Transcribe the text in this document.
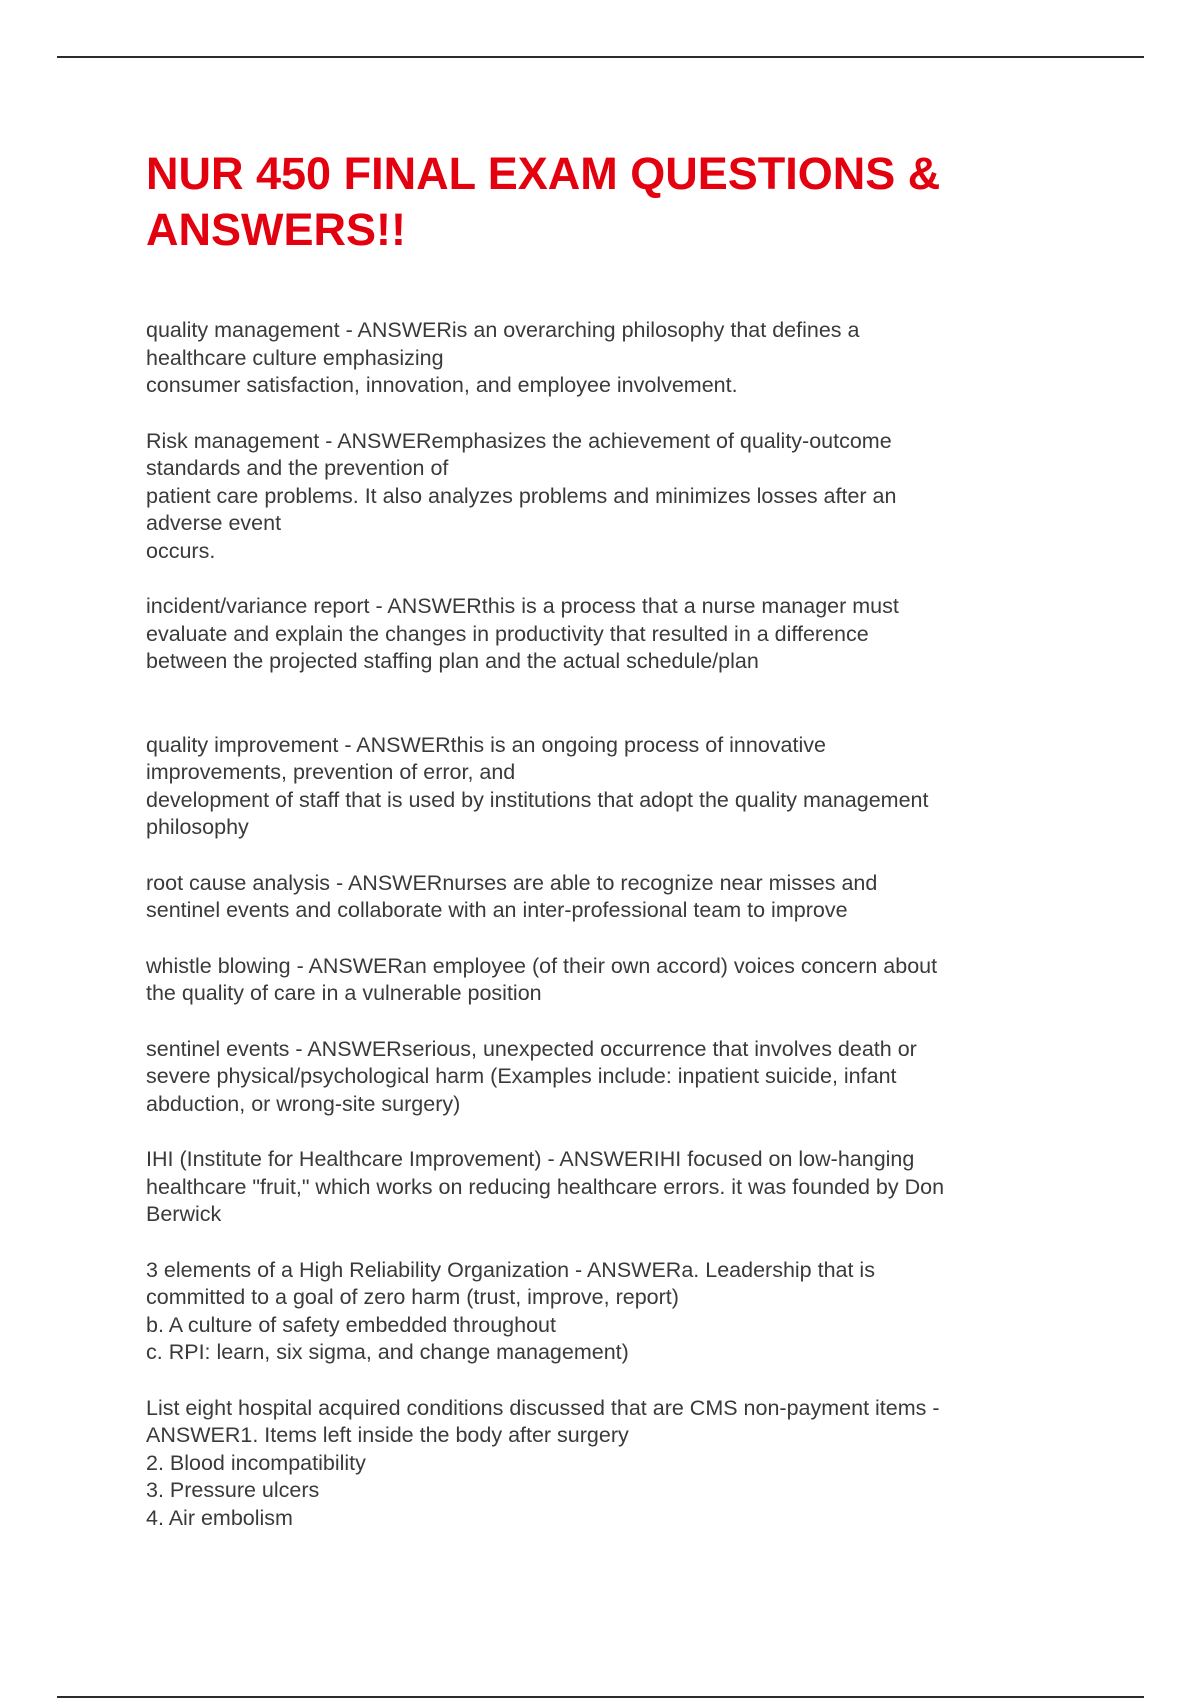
NUR 450 FINAL EXAM QUESTIONS &
ANSWERS!!

quality management - ANSWERis an overarching philosophy that defines a
healthcare culture emphasizing
consumer satisfaction, innovation, and employee involvement.

Risk management - ANSWERemphasizes the achievement of quality-outcome
standards and the prevention of
patient care problems. It also analyzes problems and minimizes losses after an
adverse event
occurs.

incident/variance report - ANSWERthis is a process that a nurse manager must
evaluate and explain the changes in productivity that resulted in a difference
between the projected staffing plan and the actual schedule/plan

quality improvement - ANSWERthis is an ongoing process of innovative
improvements, prevention of error, and
development of staff that is used by institutions that adopt the quality management
philosophy

root cause analysis - ANSWERnurses are able to recognize near misses and
sentinel events and collaborate with an inter-professional team to improve

whistle blowing - ANSWERan employee (of their own accord) voices concern about
the quality of care in a vulnerable position

sentinel events - ANSWERserious, unexpected occurrence that involves death or
severe physical/psychological harm (Examples include: inpatient suicide, infant
abduction, or wrong-site surgery)

IHI (Institute for Healthcare Improvement) - ANSWERIHI focused on low-hanging
healthcare "fruit," which works on reducing healthcare errors. it was founded by Don
Berwick

3 elements of a High Reliability Organization - ANSWERa. Leadership that is
committed to a goal of zero harm (trust, improve, report)
b. A culture of safety embedded throughout
c. RPI: learn, six sigma, and change management)

List eight hospital acquired conditions discussed that are CMS non-payment items -
ANSWER1. Items left inside the body after surgery
2. Blood incompatibility
3. Pressure ulcers
4. Air embolism
